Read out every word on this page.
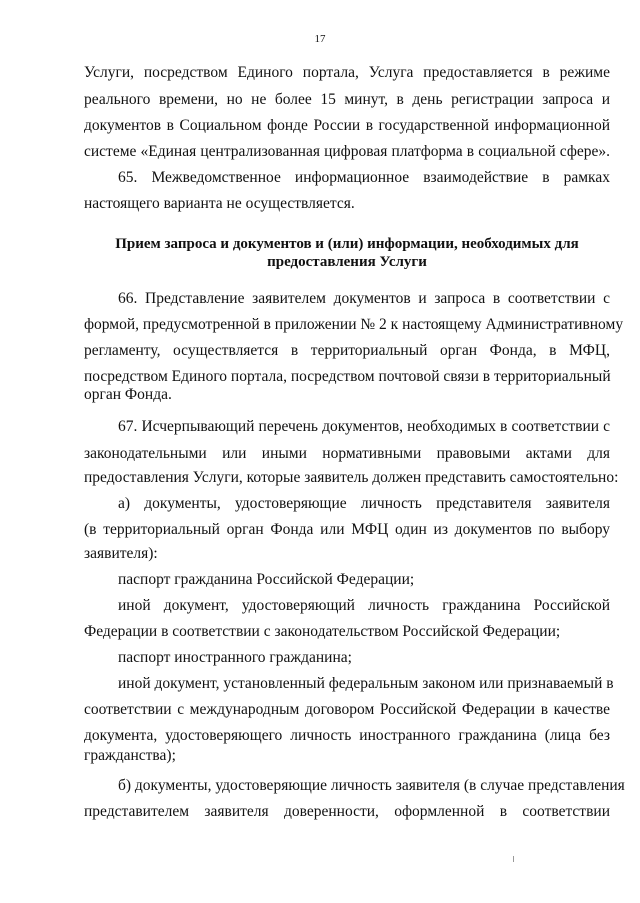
17
Услуги, посредством Единого портала, Услуга предоставляется в режиме
реального времени, но не более 15 минут, в день регистрации запроса и
документов в Социальном фонде России в государственной информационной
системе «Единая централизованная цифровая платформа в социальной сфере».
65. Межведомственное информационное взаимодействие в рамках
настоящего варианта не осуществляется.
Прием запроса и документов и (или) информации, необходимых для
предоставления Услуги
66. Представление заявителем документов и запроса в соответствии с
формой, предусмотренной в приложении № 2 к настоящему Административному
регламенту, осуществляется в территориальный орган Фонда, в МФЦ,
посредством Единого портала, посредством почтовой связи в территориальный
орган Фонда.
67. Исчерпывающий перечень документов, необходимых в соответствии с
законодательными или иными нормативными правовыми актами для
предоставления Услуги, которые заявитель должен представить самостоятельно:
а) документы, удостоверяющие личность представителя заявителя
(в территориальный орган Фонда или МФЦ один из документов по выбору
заявителя):
паспорт гражданина Российской Федерации;
иной документ, удостоверяющий личность гражданина Российской
Федерации в соответствии с законодательством Российской Федерации;
паспорт иностранного гражданина;
иной документ, установленный федеральным законом или признаваемый в
соответствии с международным договором Российской Федерации в качестве
документа, удостоверяющего личность иностранного гражданина (лица без
гражданства);
б) документы, удостоверяющие личность заявителя (в случае представления
представителем заявителя доверенности, оформленной в соответствии
